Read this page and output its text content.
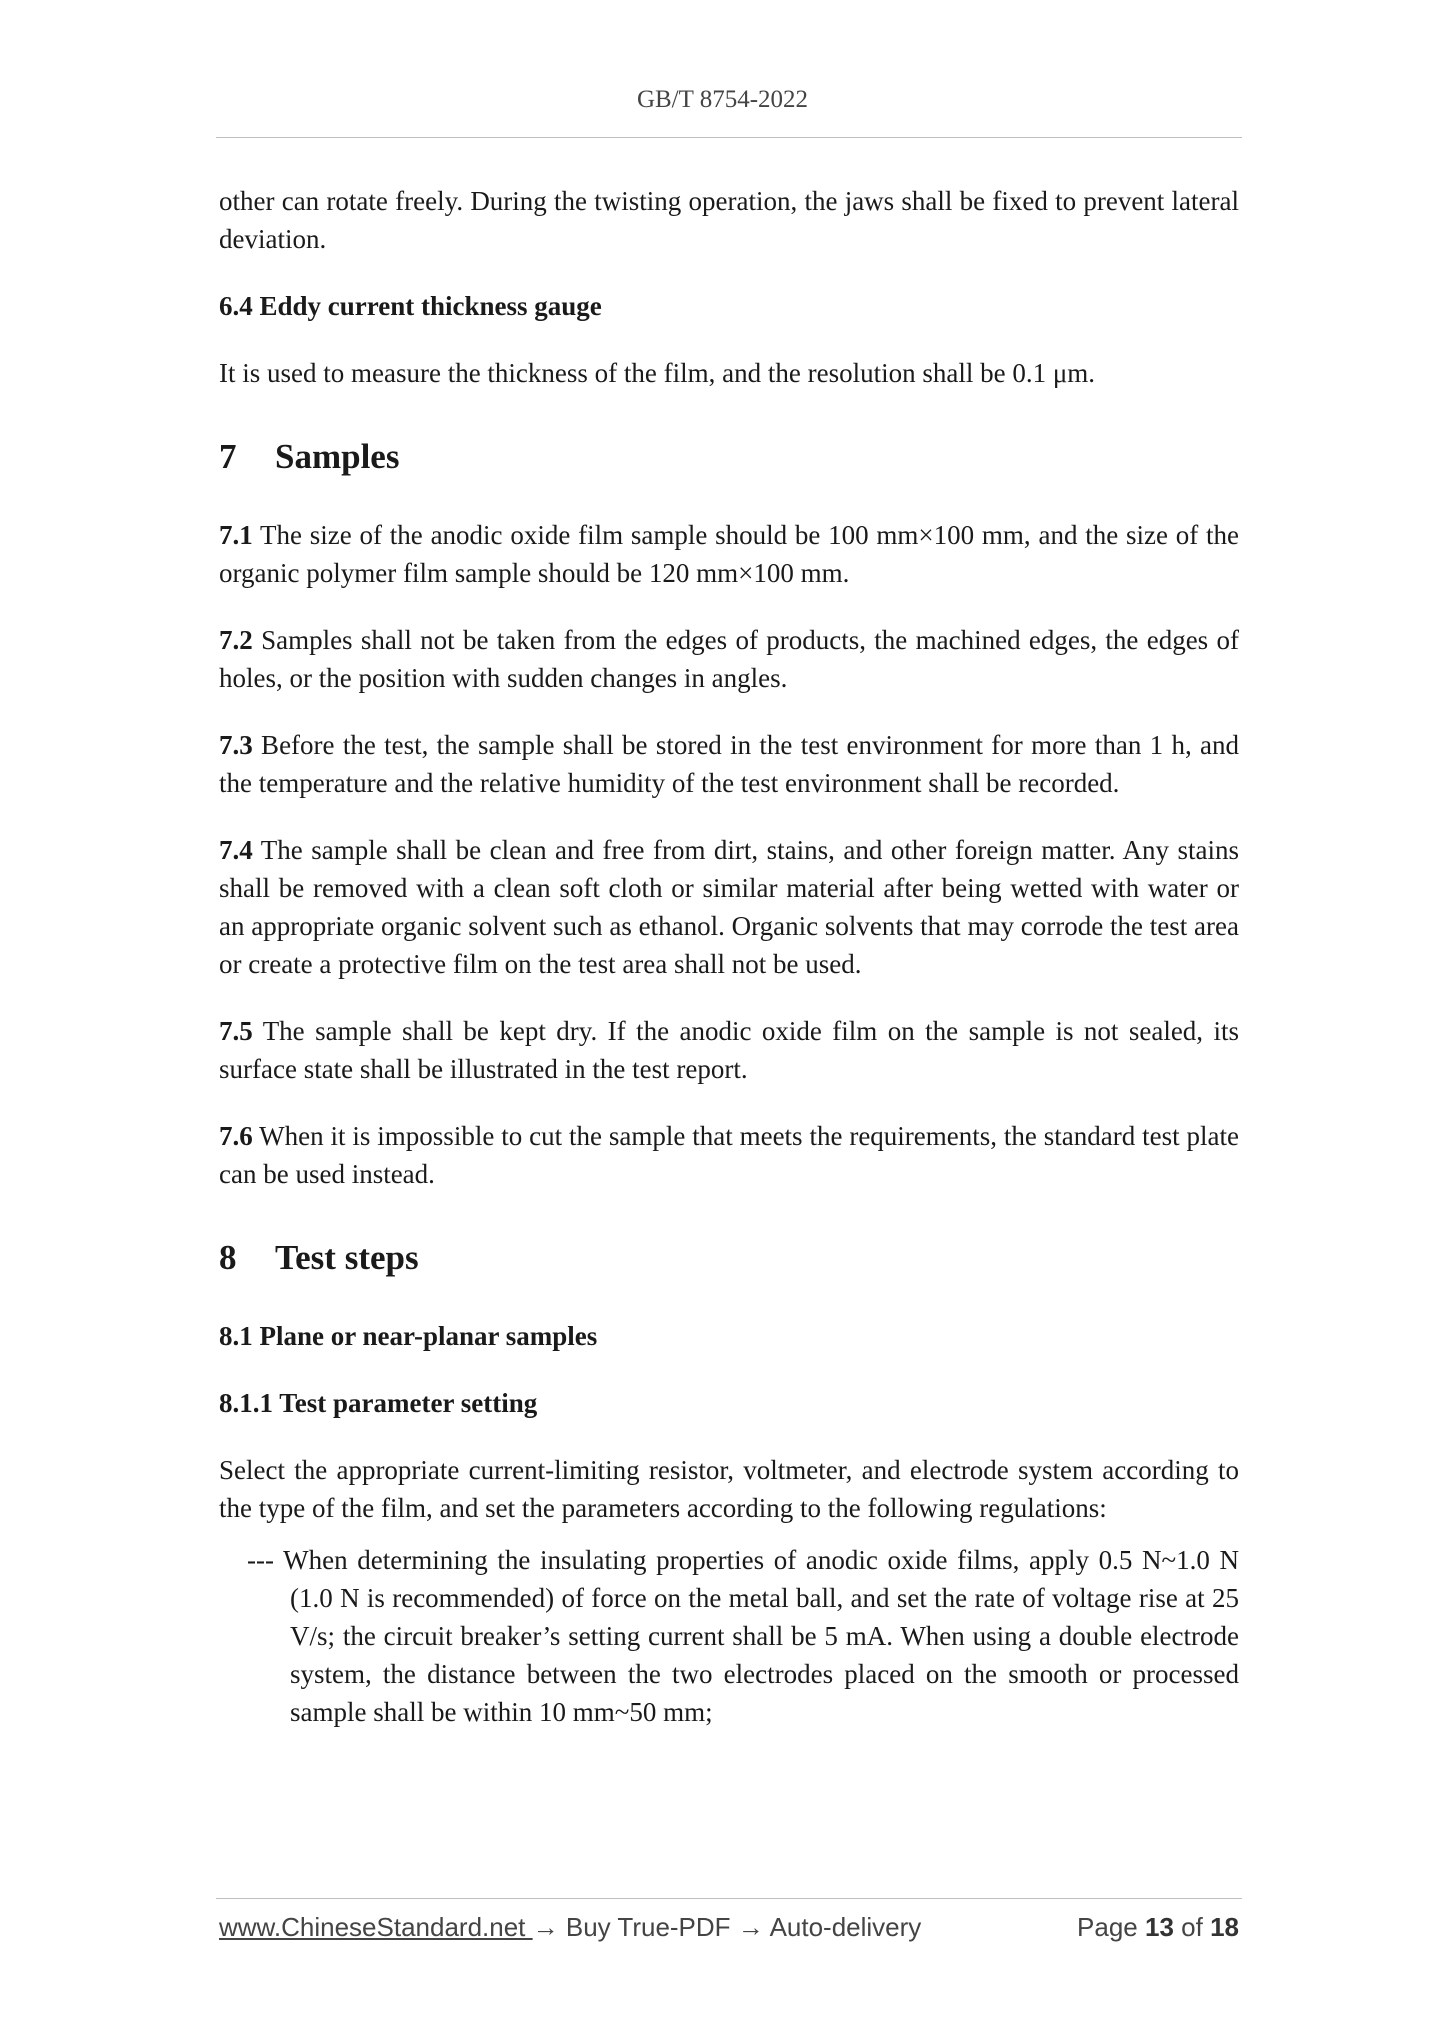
GB/T 8754-2022

other can rotate freely. During the twisting operation, the jaws shall be fixed to prevent lateral deviation.

6.4 Eddy current thickness gauge

It is used to measure the thickness of the film, and the resolution shall be 0.1 μm.

7 Samples

7.1 The size of the anodic oxide film sample should be 100 mm×100 mm, and the size of the organic polymer film sample should be 120 mm×100 mm.

7.2 Samples shall not be taken from the edges of products, the machined edges, the edges of holes, or the position with sudden changes in angles.

7.3 Before the test, the sample shall be stored in the test environment for more than 1 h, and the temperature and the relative humidity of the test environment shall be recorded.

7.4 The sample shall be clean and free from dirt, stains, and other foreign matter. Any stains shall be removed with a clean soft cloth or similar material after being wetted with water or an appropriate organic solvent such as ethanol. Organic solvents that may corrode the test area or create a protective film on the test area shall not be used.

7.5 The sample shall be kept dry. If the anodic oxide film on the sample is not sealed, its surface state shall be illustrated in the test report.

7.6 When it is impossible to cut the sample that meets the requirements, the standard test plate can be used instead.

8 Test steps

8.1 Plane or near-planar samples

8.1.1 Test parameter setting

Select the appropriate current-limiting resistor, voltmeter, and electrode system according to the type of the film, and set the parameters according to the following regulations:

--- When determining the insulating properties of anodic oxide films, apply 0.5 N~1.0 N (1.0 N is recommended) of force on the metal ball, and set the rate of voltage rise at 25 V/s; the circuit breaker’s setting current shall be 5 mA. When using a double electrode system, the distance between the two electrodes placed on the smooth or processed sample shall be within 10 mm~50 mm;

www.ChineseStandard.net → Buy True-PDF → Auto-delivery	Page 13 of 18
